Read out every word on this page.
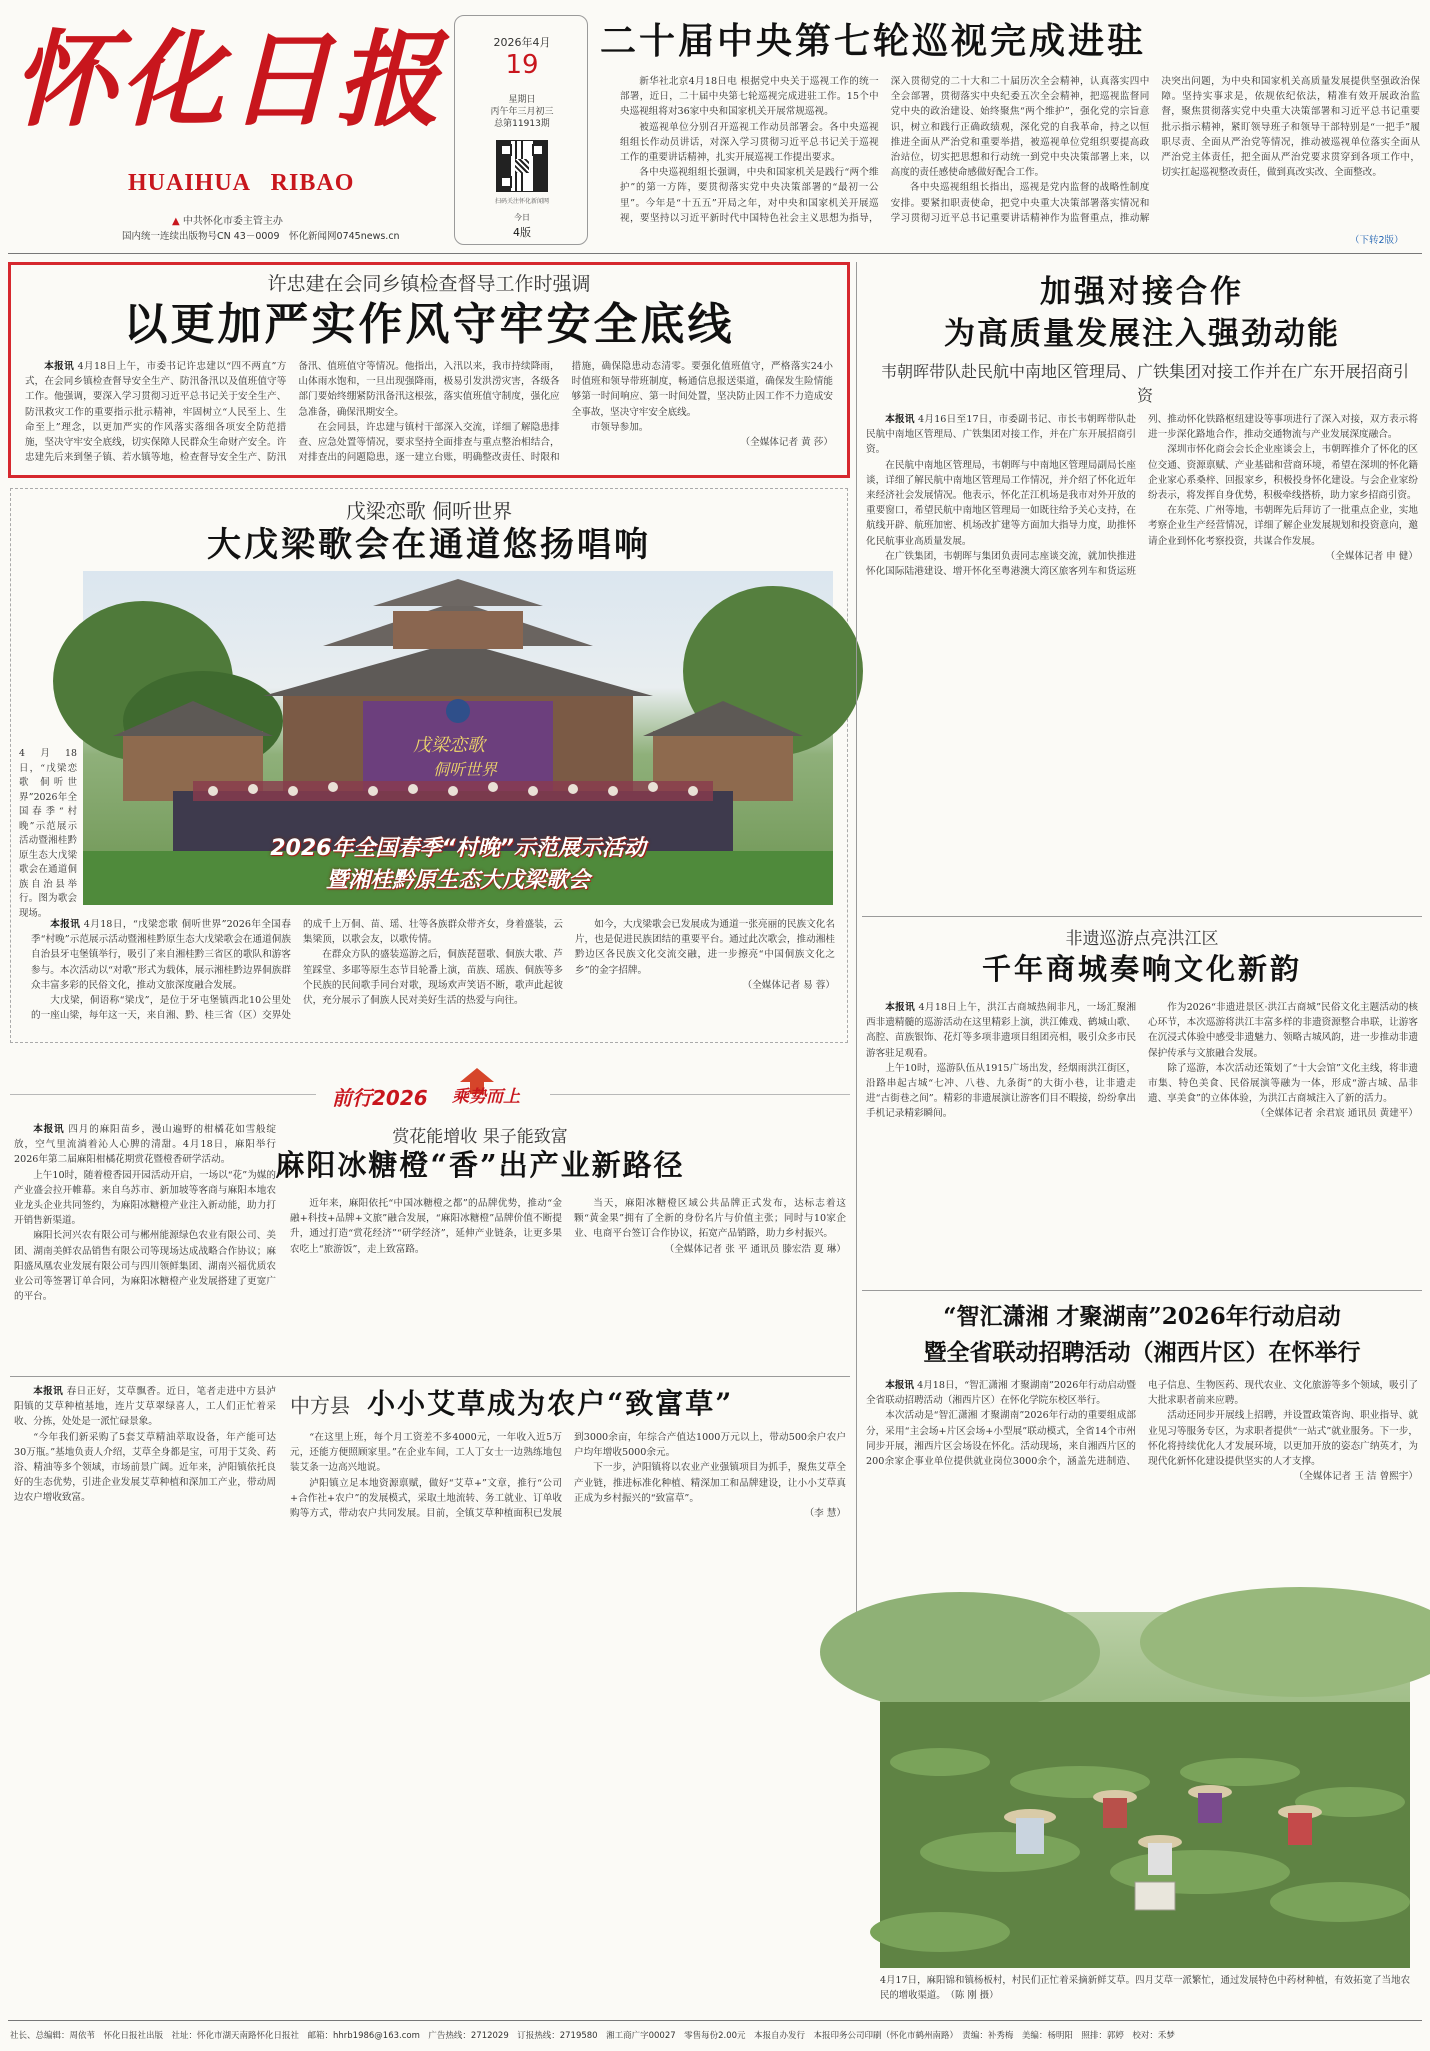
怀化日报
HUAIHUA   RIBAO
▲ 中共怀化市委主管主办
国内统一连续出版物号CN 43－0009　 怀化新闻网0745news.cn
2026年4月
19
星期日
丙午年三月初三
总第11913期
扫码关注怀化新闻网
今日
4版
二十届中央第七轮巡视完成进驻

新华社北京4月18日电 根据党中央关于巡视工作的统一部署，近日，二十届中央第七轮巡视完成进驻工作。15个中央巡视组将对36家中央和国家机关开展常规巡视。

被巡视单位分别召开巡视工作动员部署会。各中央巡视组组长作动员讲话，对深入学习贯彻习近平总书记关于巡视工作的重要讲话精神，扎实开展巡视工作提出要求。

各中央巡视组组长强调，中央和国家机关是践行“两个维护”的第一方阵，要贯彻落实党中央决策部署的“最初一公里”。今年是“十五五”开局之年，对中央和国家机关开展巡视，要坚持以习近平新时代中国特色社会主义思想为指导，深入贯彻党的二十大和二十届历次全会精神，认真落实四中全会部署，贯彻落实中央纪委五次全会精神，把巡视监督同党中央的政治建设、始终聚焦“两个维护”，强化党的宗旨意识，树立和践行正确政绩观，深化党的自我革命，持之以恒推进全面从严治党和重要举措，被巡视单位党组织要提高政治站位，切实把思想和行动统一到党中央决策部署上来，以高度的责任感使命感做好配合工作。

各中央巡视组组长指出，巡视是党内监督的战略性制度安排。要紧扣职责使命，把党中央重大决策部署落实情况和学习贯彻习近平总书记重要讲话精神作为监督重点，推动解决突出问题，为中央和国家机关高质量发展提供坚强政治保障。坚持实事求是，依规依纪依法，精准有效开展政治监督，聚焦贯彻落实党中央重大决策部署和习近平总书记重要批示指示精神，紧盯领导班子和领导干部特别是“一把手”履职尽责、全面从严治党等情况，推动被巡视单位落实全面从严治党主体责任，把全面从严治党要求贯穿到各项工作中，切实扛起巡视整改责任，做到真改实改、全面整改。

（下转2版）
许忠建在会同乡镇检查督导工作时强调
以更加严实作风守牢安全底线

本报讯 4月18日上午，市委书记许忠建以“四不两直”方式，在会同乡镇检查督导安全生产、防汛备汛以及值班值守等工作。他强调，要深入学习贯彻习近平总书记关于安全生产、防汛救灾工作的重要指示批示精神，牢固树立“人民至上、生命至上”理念，以更加严实的作风落实落细各项安全防范措施，坚决守牢安全底线，切实保障人民群众生命财产安全。许忠建先后来到堡子镇、若水镇等地，检查督导安全生产、防汛备汛、值班值守等情况。他指出，入汛以来，我市持续降雨，山体雨水饱和，一旦出现强降雨，极易引发洪涝灾害，各级各部门要始终绷紧防汛备汛这根弦，落实值班值守制度，强化应急准备，确保汛期安全。

在会同县，许忠建与镇村干部深入交流，详细了解隐患排查、应急处置等情况，要求坚持全面排查与重点整治相结合，对排查出的问题隐患，逐一建立台账，明确整改责任、时限和措施，确保隐患动态清零。要强化值班值守，严格落实24小时值班和领导带班制度，畅通信息报送渠道，确保发生险情能够第一时间响应、第一时间处置，坚决防止因工作不力造成安全事故，坚决守牢安全底线。

市领导参加。

（全媒体记者 黄 莎）
戊梁恋歌 侗听世界
大戊梁歌会在通道悠扬唱响
戊梁恋歌
侗听世界
2026年全国春季“村晚”示范展示活动
暨湘桂黔原生态大戊梁歌会
4月18日，“戊梁恋歌 侗听世界”2026年全国春季“村晚”示范展示活动暨湘桂黔原生态大戊梁歌会在通道侗族自治县举行。图为歌会现场。

本报讯 4月18日，“戊梁恋歌 侗听世界”2026年全国春季“村晚”示范展示活动暨湘桂黔原生态大戊梁歌会在通道侗族自治县牙屯堡镇举行，吸引了来自湘桂黔三省区的歌队和游客参与。本次活动以“对歌”形式为载体，展示湘桂黔边界侗族群众丰富多彩的民俗文化，推动文旅深度融合发展。

大戊梁，侗语称“梁戊”，是位于牙屯堡镇西北10公里处的一座山梁，每年这一天，来自湘、黔、桂三省（区）交界处的成千上万侗、苗、瑶、壮等各族群众带齐女，身着盛装，云集梁顶，以歌会友，以歌传情。

在群众方队的盛装巡游之后，侗族琵琶歌、侗族大歌、芦笙踩堂、多耶等原生态节目轮番上演，苗族、瑶族、侗族等多个民族的民间歌手同台对歌，现场欢声笑语不断，歌声此起彼伏，充分展示了侗族人民对美好生活的热爱与向往。

如今，大戊梁歌会已发展成为通道一张亮丽的民族文化名片，也是促进民族团结的重要平台。通过此次歌会，推动湘桂黔边区各民族文化交流交融，进一步擦亮“中国侗族文化之乡”的金字招牌。

（全媒体记者 易 蓉）
前行2026 乘势而上
赏花能增收 果子能致富
麻阳冰糖橙“香”出产业新路径

本报讯 四月的麻阳苗乡，漫山遍野的柑橘花如雪般绽放，空气里流淌着沁人心脾的清甜。4月18日，麻阳举行2026年第二届麻阳柑橘花期赏花暨橙香研学活动。

上午10时，随着橙香园开园活动开启，一场以“花”为媒的产业盛会拉开帷幕。来自乌苏市、新加坡等客商与麻阳本地农业龙头企业共同签约，为麻阳冰糖橙产业注入新动能，助力打开销售新渠道。

麻阳长河兴农有限公司与郴州能源绿色农业有限公司、美团、湖南美鲜农品销售有限公司等现场达成战略合作协议；麻阳盛凤凰农业发展有限公司与四川领鲜集团、湖南兴福优质农业公司等签署订单合同，为麻阳冰糖橙产业发展搭建了更宽广的平台。

近年来，麻阳依托“中国冰糖橙之都”的品牌优势，推动“金融+科技+品牌+文旅”融合发展，“麻阳冰糖橙”品牌价值不断提升，通过打造“赏花经济”“研学经济”，延伸产业链条，让更多果农吃上“旅游饭”，走上致富路。

当天，麻阳冰糖橙区域公共品牌正式发布，达标志着这颗“黄金果”拥有了全新的身份名片与价值主张；同时与10家企业、电商平台签订合作协议，拓宽产品销路，助力乡村振兴。

（全媒体记者 张 平 通讯员 滕宏浩 夏 琳）
中方县 小小艾草成为农户“致富草”

本报讯 春日正好，艾草飘香。近日，笔者走进中方县泸阳镇的艾草种植基地，连片艾草翠绿喜人，工人们正忙着采收、分拣，处处是一派忙碌景象。

“今年我们新采购了5套艾草精油萃取设备，年产能可达30万瓶。”基地负责人介绍，艾草全身都是宝，可用于艾灸、药浴、精油等多个领域，市场前景广阔。近年来，泸阳镇依托良好的生态优势，引进企业发展艾草种植和深加工产业，带动周边农户增收致富。

“在这里上班，每个月工资差不多4000元，一年收入近5万元，还能方便照顾家里。”在企业车间，工人丁女士一边熟练地包装艾条一边高兴地说。

泸阳镇立足本地资源禀赋，做好“艾草+”文章，推行“公司+合作社+农户”的发展模式，采取土地流转、务工就业、订单收购等方式，带动农户共同发展。目前，全镇艾草种植面积已发展到3000余亩，年综合产值达1000万元以上，带动500余户农户户均年增收5000余元。

下一步，泸阳镇将以农业产业强镇项目为抓手，聚焦艾草全产业链，推进标准化种植、精深加工和品牌建设，让小小艾草真正成为乡村振兴的“致富草”。

（李 慧）
加强对接合作
为高质量发展注入强劲动能
韦朝晖带队赴民航中南地区管理局、广铁集团对接工作并在广东开展招商引资

本报讯 4月16日至17日，市委副书记、市长韦朝晖带队赴民航中南地区管理局、广铁集团对接工作，并在广东开展招商引资。

在民航中南地区管理局，韦朝晖与中南地区管理局副局长座谈，详细了解民航中南地区管理局工作情况，并介绍了怀化近年来经济社会发展情况。他表示，怀化芷江机场是我市对外开放的重要窗口，希望民航中南地区管理局一如既往给予关心支持，在航线开辟、航班加密、机场改扩建等方面加大指导力度，助推怀化民航事业高质量发展。

在广铁集团，韦朝晖与集团负责同志座谈交流，就加快推进怀化国际陆港建设、增开怀化至粤港澳大湾区旅客列车和货运班列、推动怀化铁路枢纽建设等事项进行了深入对接，双方表示将进一步深化路地合作，推动交通物流与产业发展深度融合。

深圳市怀化商会会长企业座谈会上，韦朝晖推介了怀化的区位交通、资源禀赋、产业基础和营商环境，希望在深圳的怀化籍企业家心系桑梓、回报家乡，积极投身怀化建设。与会企业家纷纷表示，将发挥自身优势，积极牵线搭桥，助力家乡招商引资。

在东莞、广州等地，韦朝晖先后拜访了一批重点企业，实地考察企业生产经营情况，详细了解企业发展规划和投资意向，邀请企业到怀化考察投资，共谋合作发展。

（全媒体记者 申 健）
非遗巡游点亮洪江区
千年商城奏响文化新韵

本报讯 4月18日上午，洪江古商城热闹非凡，一场汇聚湘西非遗精髓的巡游活动在这里精彩上演，洪江傩戏、鹤城山歌、高腔、苗族银饰、花灯等多项非遗项目组团亮相，吸引众多市民游客驻足观看。

上午10时，巡游队伍从1915广场出发，经烟雨洪江街区，沿路串起古城“七冲、八巷、九条街”的大街小巷，让非遗走进“古街巷之间”。精彩的非遗展演让游客们目不暇接，纷纷拿出手机记录精彩瞬间。

作为2026“非遗进景区·洪江古商城”民俗文化主题活动的核心环节，本次巡游将洪江丰富多样的非遗资源整合串联，让游客在沉浸式体验中感受非遗魅力、领略古城风韵，进一步推动非遗保护传承与文旅融合发展。

除了巡游，本次活动还策划了“十大会馆”文化主线，将非遗市集、特色美食、民俗展演等融为一体，形成“游古城、品非遗、享美食”的立体体验，为洪江古商城注入了新的活力。

（全媒体记者 余君宸 通讯员 黄建平）
“智汇潇湘 才聚湖南”2026年行动启动
暨全省联动招聘活动（湘西片区）在怀举行

本报讯 4月18日，“智汇潇湘 才聚湖南”2026年行动启动暨全省联动招聘活动（湘西片区）在怀化学院东校区举行。

本次活动是“智汇潇湘 才聚湖南”2026年行动的重要组成部分，采用“主会场+片区会场+小型展”联动模式，全省14个市州同步开展，湘西片区会场设在怀化。活动现场，来自湘西片区的200余家企事业单位提供就业岗位3000余个，涵盖先进制造、电子信息、生物医药、现代农业、文化旅游等多个领域，吸引了大批求职者前来应聘。

活动还同步开展线上招聘，并设置政策咨询、职业指导、就业见习等服务专区，为求职者提供“一站式”就业服务。下一步，怀化将持续优化人才发展环境，以更加开放的姿态广纳英才，为现代化新怀化建设提供坚实的人才支撑。

（全媒体记者 王 洁 曾熙宇）
4月17日，麻阳锦和镇杨板村，村民们正忙着采摘新鲜艾草。四月艾草一派繁忙，通过发展特色中药材种植，有效拓宽了当地农民的增收渠道。　 （陈 刚 摄）
社长、总编辑：周依苇　怀化日报社出版　社址：怀化市湖天南路怀化日报社　邮箱：hhrb1986@163.com　广告热线：2712029　订报热线：2719580　湘工商广字00027　零售每份2.00元　本报自办发行　本报印务公司印刷（怀化市鹤州南路）　责编：补秀梅　美编：杨明阳　照排：郭婷　校对：禾梦
